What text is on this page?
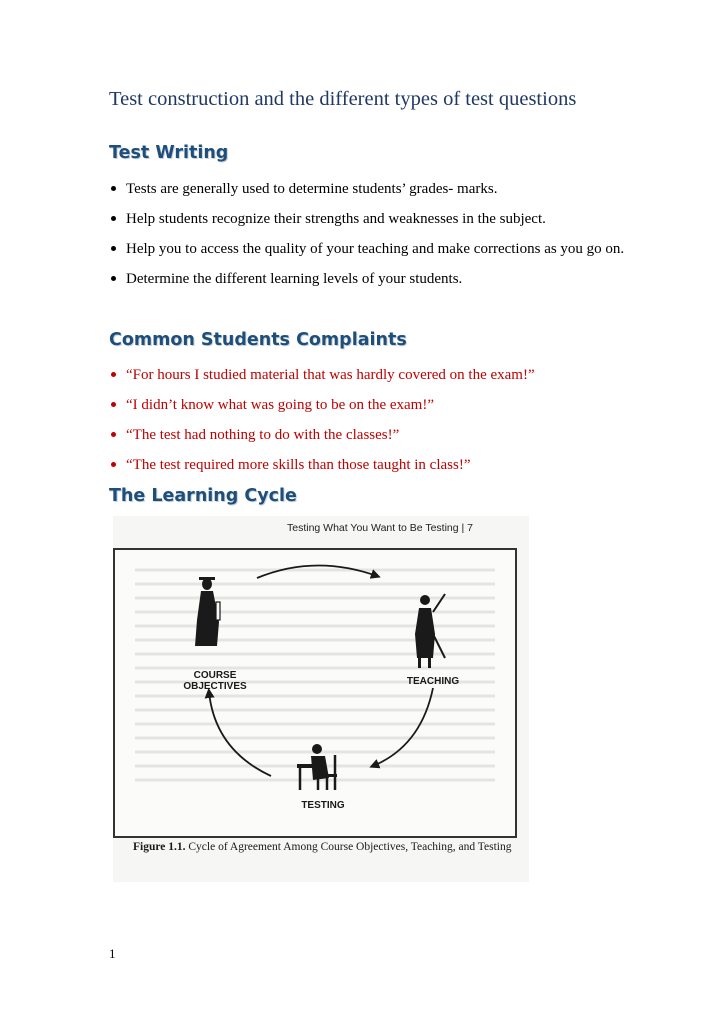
Test construction and the different types of test questions
Test Writing
Tests are generally used to determine students’ grades- marks.
Help students recognize their strengths and weaknesses in the subject.
Help you to access the quality of your teaching and make corrections as you go on.
Determine the different learning levels of your students.
Common Students Complaints
“For hours I studied material that was hardly covered on the exam!”
“I didn’t know what was going to be on the exam!”
“The test had nothing to do with the classes!”
“The test required more skills than those taught in class!”
The Learning Cycle
Testing What You Want to Be Testing | 7
COURSE
OBJECTIVES	TEACHING
TESTING
Figure 1.1. Cycle of Agreement Among Course Objectives, Teaching, and Testing
1
